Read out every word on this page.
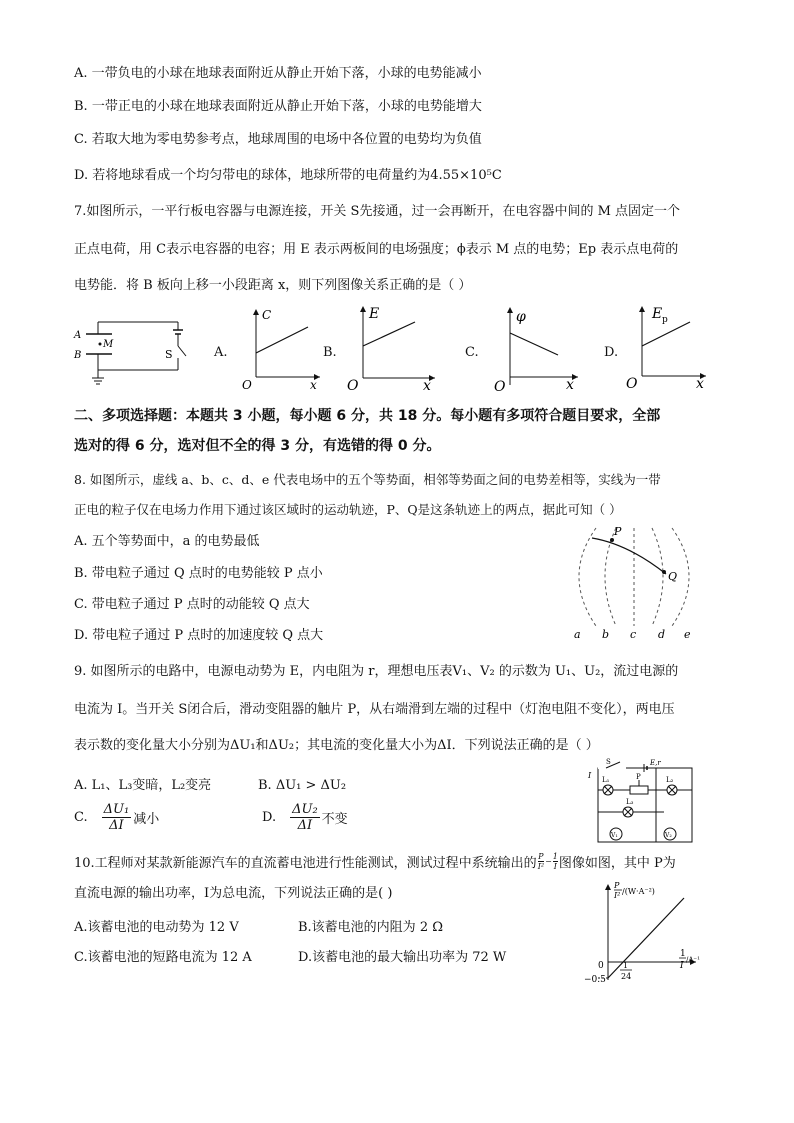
A. 一带负电的小球在地球表面附近从静止开始下落，小球的电势能减小
B. 一带正电的小球在地球表面附近从静止开始下落，小球的电势能增大
C. 若取大地为零电势参考点，地球周围的电场中各位置的电势均为负值
D. 若将地球看成一个均匀带电的球体，地球所带的电荷量约为4.55×10⁵C
7.如图所示，一平行板电容器与电源连接，开关 S先接通，过一会再断开，在电容器中间的 M 点固定一个
正点电荷，用 C表示电容器的电容；用 E 表示两板间的电场强度；ϕ表示 M 点的电势；Ep 表示点电荷的
电势能．将 B 板向上移一小段距离 x，则下列图像关系正确的是（ ）
A
B
M
S	A.
C
x
O
B.
E
x
O
C.
φ
x
O
D.
E p
x
O
二、多项选择题：本题共 3 小题，每小题 6 分，共 18 分。每小题有多项符合题目要求，全部
选对的得 6 分，选对但不全的得 3 分，有选错的得 0 分。
8. 如图所示，虚线 a、b、c、d、e 代表电场中的五个等势面，相邻等势面之间的电势差相等，实线为一带
正电的粒子仅在电场力作用下通过该区域时的运动轨迹，P、Q是这条轨迹上的两点，据此可知（ ）
A. 五个等势面中，a 的电势最低
B. 带电粒子通过 Q 点时的电势能较 P 点小
C. 带电粒子通过 P 点时的动能较 Q 点大
D. 带电粒子通过 P 点时的加速度较 Q 点大
P
Q
a b c d e
9. 如图所示的电路中，电源电动势为 E，内电阻为 r，理想电压表V₁、V₂ 的示数为 U₁、U₂，流过电源的
电流为 I。当开关 S闭合后，滑动变阻器的触片 P，从右端滑到左端的过程中（灯泡电阻不变化），两电压
表示数的变化量大小分别为ΔU₁和ΔU₂；其电流的变化量大小为ΔI．下列说法正确的是（ ）
A. L₁、L₃变暗，L₂变亮	B. ΔU₁ > ΔU₂
C. $\frac{\text{ΔU₁}}{\Delta I}$ 减小	D. $\frac{\text{ΔU₂}}{\Delta I}$ 不变
S	E,r
I L₁	L₂
L₃
P
V₁	V₂
10.工程师对某款新能源汽车的直流蓄电池进行性能测试，测试过程中系统输出的 $\frac{P}{\text{I²}} - \frac{1}{I}$ 图像如图，其中 P为
直流电源的输出功率，I为总电流，下列说法正确的是( )
A.该蓄电池的电动势为 12 V	B.该蓄电池的内阻为 2 Ω
C.该蓄电池的短路电流为 12 A	D.该蓄电池的最大输出功率为 72 W
P
I² /(W·A⁻²)
1
I
/A⁻¹
0
−0.5
1
24
